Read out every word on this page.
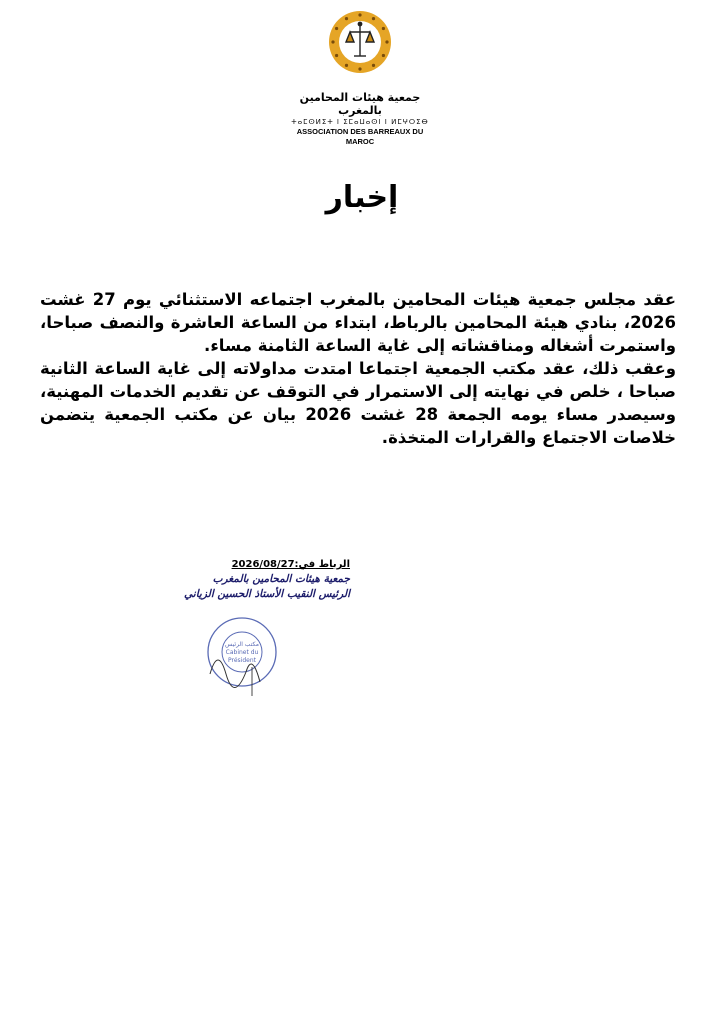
جمعية هيئات المحامين بالمغرب
ⵜⴰⵎⵙⵍⵉⵜ ⵏ ⵉⵎⴰⵡⴰⵙⵏ ⵏ ⵍⵎⵖⵔⵉⴱ
ASSOCIATION DES BARREAUX DU MAROC
إخبار

عقد مجلس جمعية هيئات المحامين بالمغرب اجتماعه الاستثنائي يوم 27 غشت 2026، بنادي هيئة المحامين بالرباط، ابتداء من الساعة العاشرة والنصف صباحا، واستمرت أشغاله ومناقشاته إلى غاية الساعة الثامنة مساء.

وعقب ذلك، عقد مكتب الجمعية اجتماعا امتدت مداولاته إلى غاية الساعة الثانية صباحا ، خلص في نهايته إلى الاستمرار في التوقف عن تقديم الخدمات المهنية، وسيصدر مساء يومه الجمعة 28 غشت 2026 بيان عن مكتب الجمعية يتضمن خلاصات الاجتماع والقرارات المتخذة.

الرباط في:2026/08/27
جمعية هيئات المحامين بالمغرب
الرئيس النقيب الأستاذ الحسين الزياني
مكتب الرئيس
Cabinet du
Président
